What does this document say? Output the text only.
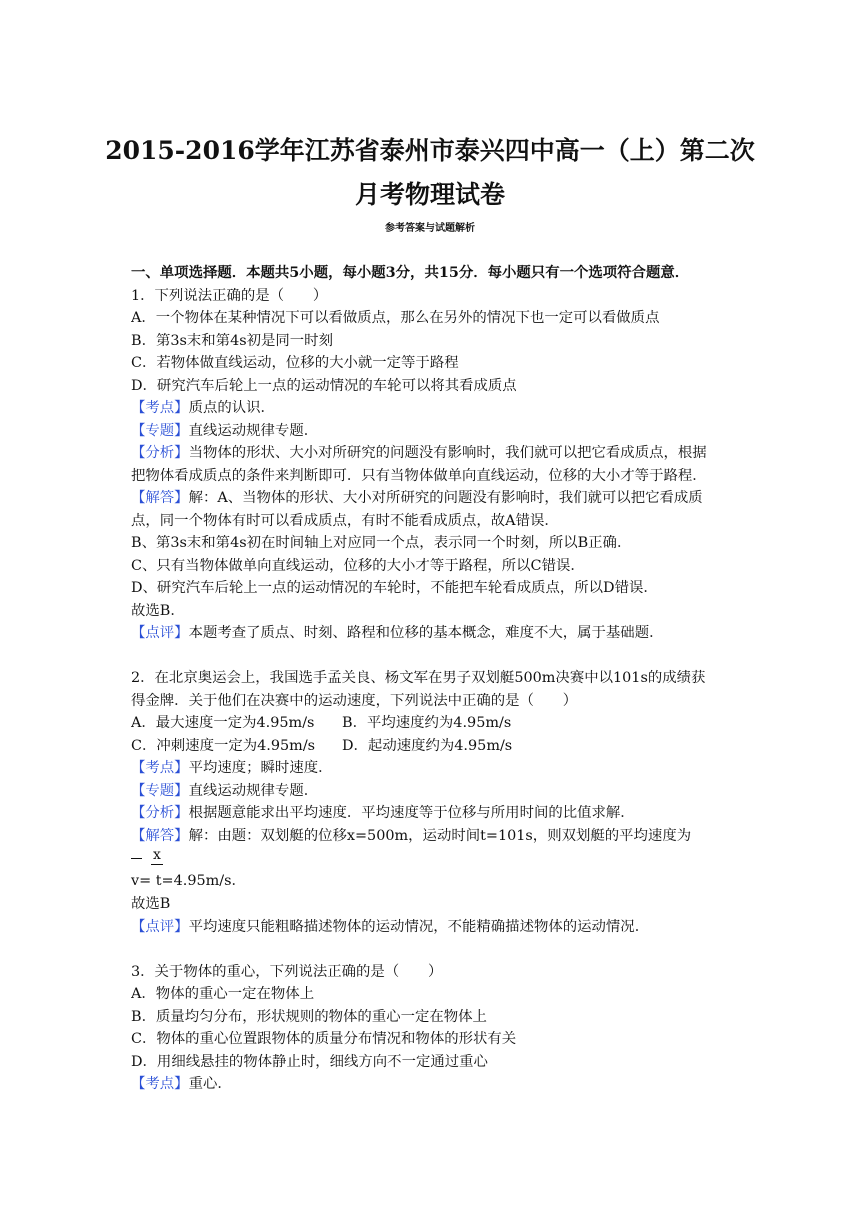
2015-2016学年江苏省泰州市泰兴四中高一（上）第二次
月考物理试卷
参考答案与试题解析
一、单项选择题．本题共5小题，每小题3分，共15分．每小题只有一个选项符合题意．
1．下列说法正确的是（　　）
A．一个物体在某种情况下可以看做质点，那么在另外的情况下也一定可以看做质点
B．第3s末和第4s初是同一时刻
C．若物体做直线运动，位移的大小就一定等于路程
D．研究汽车后轮上一点的运动情况的车轮可以将其看成质点
【考点】质点的认识．
【专题】直线运动规律专题．
【分析】当物体的形状、大小对所研究的问题没有影响时，我们就可以把它看成质点，根据
把物体看成质点的条件来判断即可．只有当物体做单向直线运动，位移的大小才等于路程．
【解答】解：A、当物体的形状、大小对所研究的问题没有影响时，我们就可以把它看成质
点，同一个物体有时可以看成质点，有时不能看成质点，故A错误．
B、第3s末和第4s初在时间轴上对应同一个点，表示同一个时刻，所以B正确．
C、只有当物体做单向直线运动，位移的大小才等于路程，所以C错误．
D、研究汽车后轮上一点的运动情况的车轮时，不能把车轮看成质点，所以D错误．
故选B．
【点评】本题考查了质点、时刻、路程和位移的基本概念，难度不大，属于基础题．
2．在北京奥运会上，我国选手孟关良、杨文军在男子双划艇500m决赛中以101s的成绩获
得金牌．关于他们在决赛中的运动速度，下列说法中正确的是（　　）
A．最大速度一定为4.95m/s B．平均速度约为4.95m/s
C．冲刺速度一定为4.95m/s D．起动速度约为4.95m/s
【考点】平均速度；瞬时速度．
【专题】直线运动规律专题．
【分析】根据题意能求出平均速度．平均速度等于位移与所用时间的比值求解．
【解答】解：由题：双划艇的位移x=500m，运动时间t=101s，则双划艇的平均速度为
x
v= t=4.95m/s．
故选B
【点评】平均速度只能粗略描述物体的运动情况，不能精确描述物体的运动情况．
3．关于物体的重心，下列说法正确的是（　　）
A．物体的重心一定在物体上
B．质量均匀分布，形状规则的物体的重心一定在物体上
C．物体的重心位置跟物体的质量分布情况和物体的形状有关
D．用细线悬挂的物体静止时，细线方向不一定通过重心
【考点】重心．
